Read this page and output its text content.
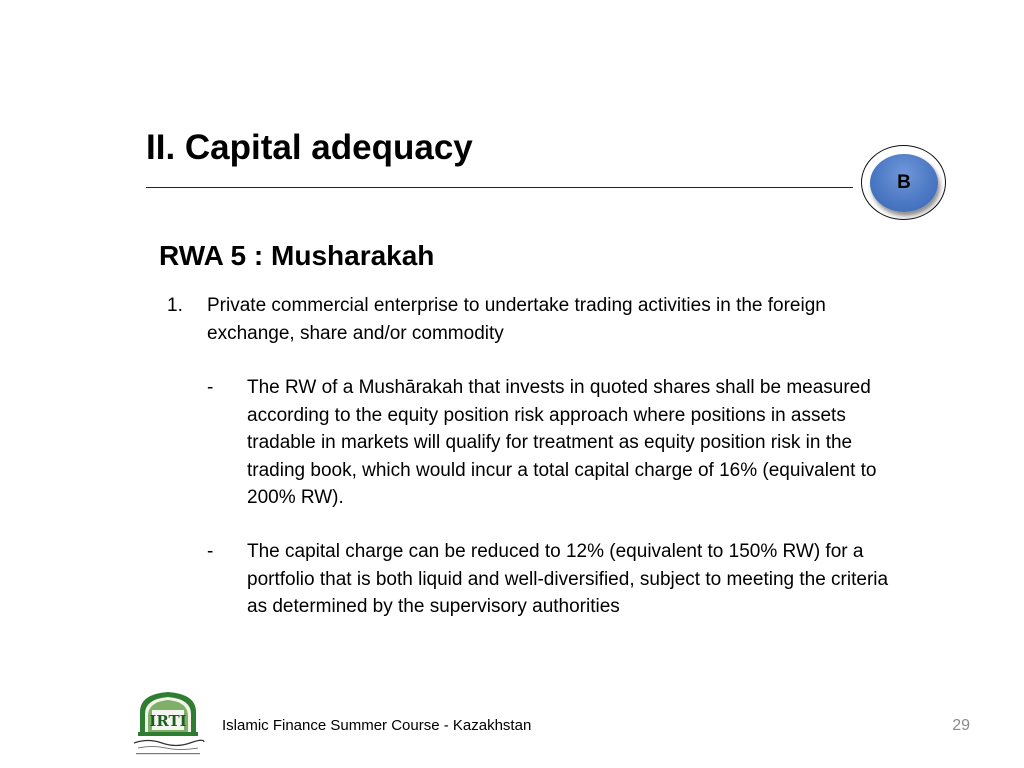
II. Capital adequacy
B
RWA 5 : Musharakah
1. Private commercial enterprise to undertake trading activities in the foreign exchange, share and/or commodity
- The RW of a Mushārakah that invests in quoted shares shall be measured according to the equity position risk approach where positions in assets tradable in markets will qualify for treatment as equity position risk in the trading book, which would incur a total capital charge of 16% (equivalent to 200% RW).
- The capital charge can be reduced to 12% (equivalent to 150% RW) for a portfolio that is both liquid and well-diversified, subject to meeting the criteria as determined by the supervisory authorities
IRTI Islamic Finance Summer Course - Kazakhstan	29
